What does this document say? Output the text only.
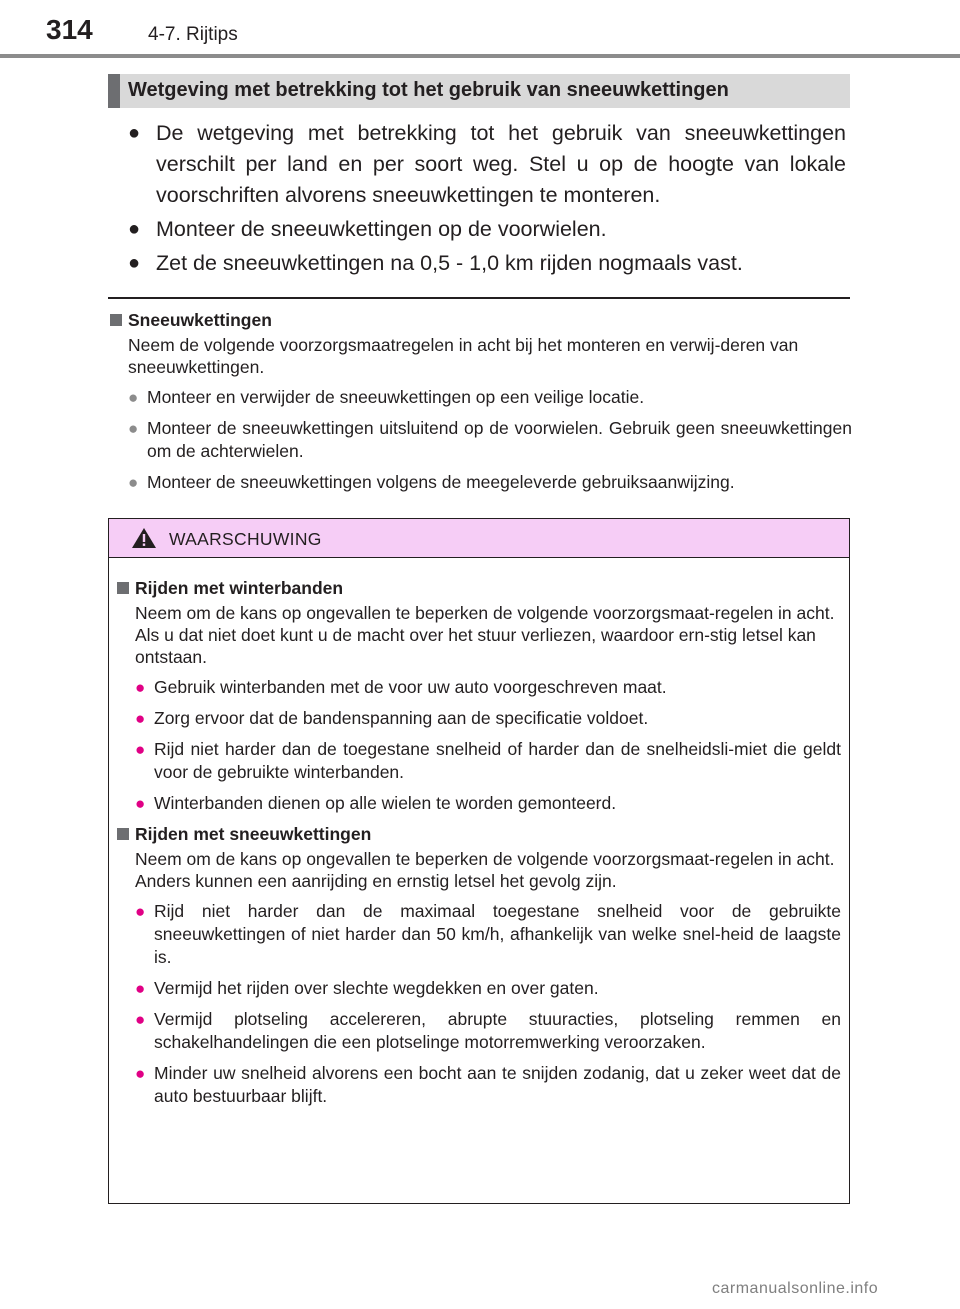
314	4-7. Rijtips
Wetgeving met betrekking tot het gebruik van sneeuwkettingen
● De wetgeving met betrekking tot het gebruik van sneeuwkettingen verschilt per land en per soort weg. Stel u op de hoogte van lokale voorschriften alvorens sneeuwkettingen te monteren.
● Monteer de sneeuwkettingen op de voorwielen.
● Zet de sneeuwkettingen na 0,5 - 1,0 km rijden nogmaals vast.
Sneeuwkettingen
Neem de volgende voorzorgsmaatregelen in acht bij het monteren en verwij-deren van sneeuwkettingen.
● Monteer en verwijder de sneeuwkettingen op een veilige locatie.
● Monteer de sneeuwkettingen uitsluitend op de voorwielen. Gebruik geen sneeuwkettingen om de achterwielen.
● Monteer de sneeuwkettingen volgens de meegeleverde gebruiksaanwijzing.
WAARSCHUWING
Rijden met winterbanden
Neem om de kans op ongevallen te beperken de volgende voorzorgsmaat-regelen in acht.
Als u dat niet doet kunt u de macht over het stuur verliezen, waardoor ern-stig letsel kan ontstaan.
● Gebruik winterbanden met de voor uw auto voorgeschreven maat.
● Zorg ervoor dat de bandenspanning aan de specificatie voldoet.
● Rijd niet harder dan de toegestane snelheid of harder dan de snelheidsli-miet die geldt voor de gebruikte winterbanden.
● Winterbanden dienen op alle wielen te worden gemonteerd.
Rijden met sneeuwkettingen
Neem om de kans op ongevallen te beperken de volgende voorzorgsmaat-regelen in acht.
Anders kunnen een aanrijding en ernstig letsel het gevolg zijn.
● Rijd niet harder dan de maximaal toegestane snelheid voor de gebruikte sneeuwkettingen of niet harder dan 50 km/h, afhankelijk van welke snel-heid de laagste is.
● Vermijd het rijden over slechte wegdekken en over gaten.
● Vermijd plotseling accelereren, abrupte stuuracties, plotseling remmen en schakelhandelingen die een plotselinge motorremwerking veroorzaken.
● Minder uw snelheid alvorens een bocht aan te snijden zodanig, dat u zeker weet dat de auto bestuurbaar blijft.
carmanualsonline.info
